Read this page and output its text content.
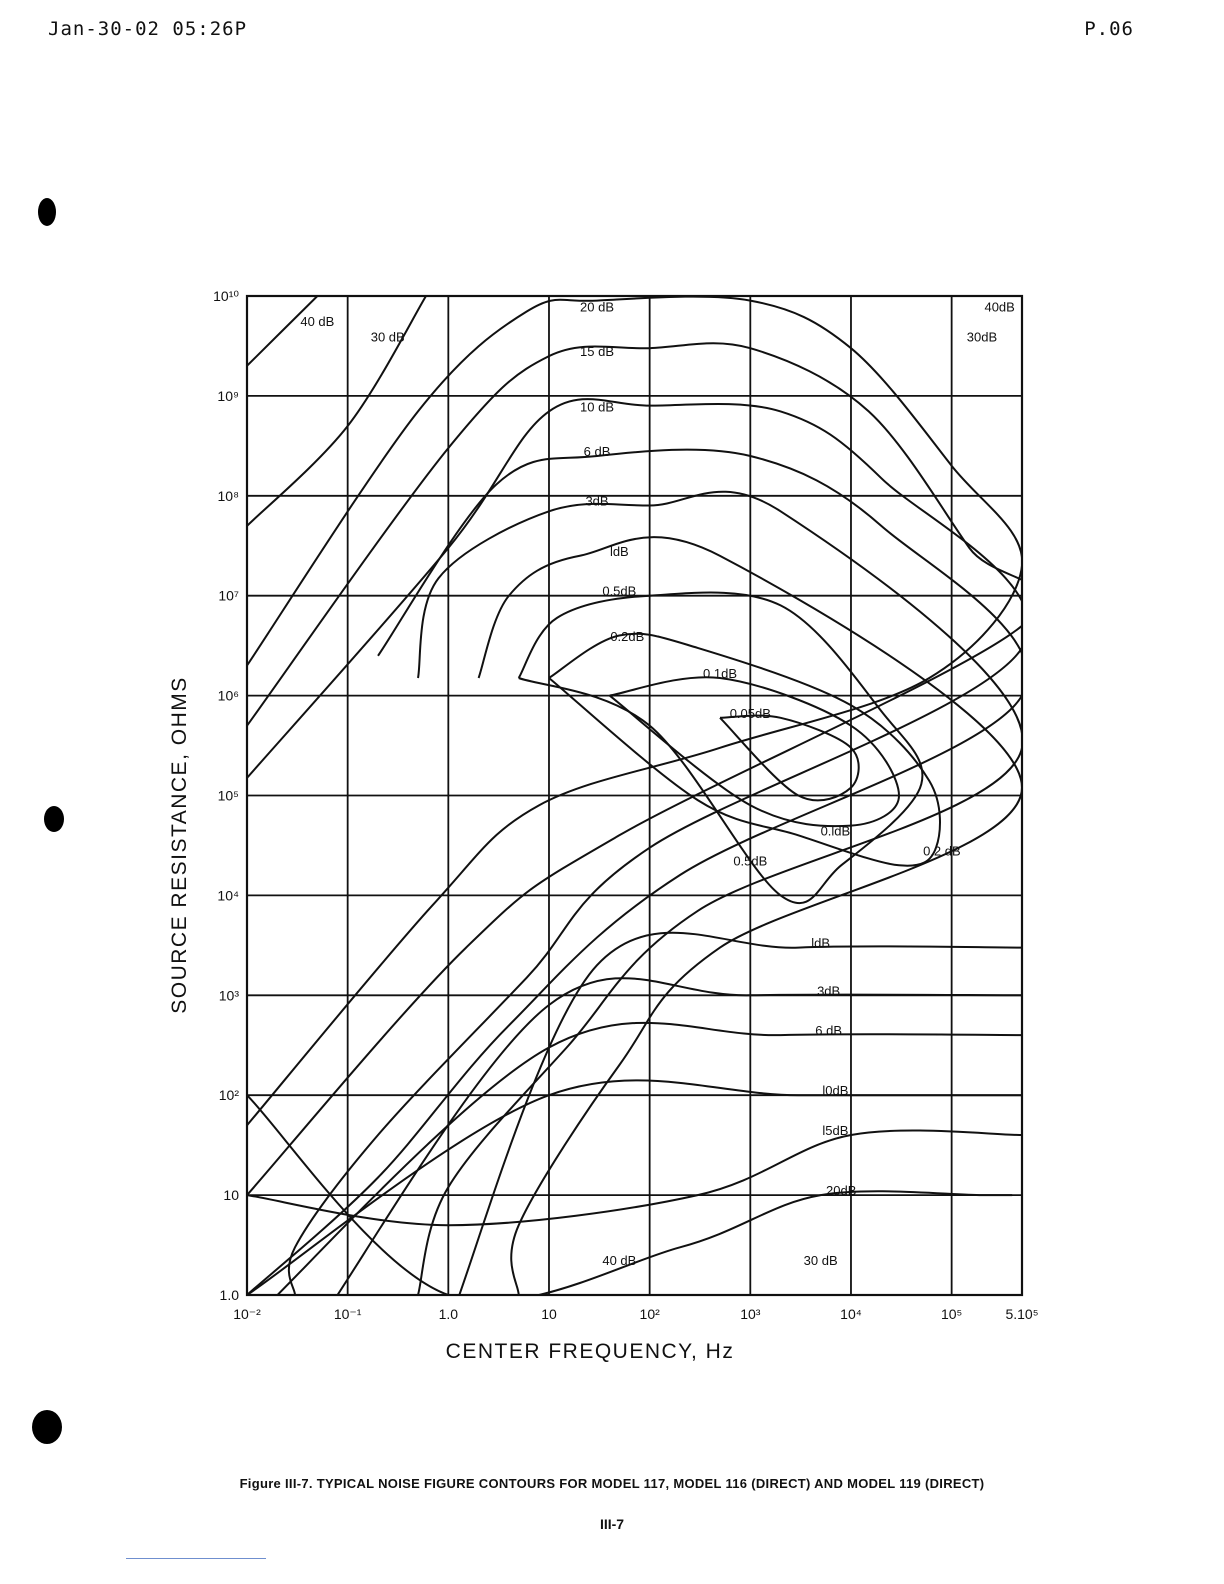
Jan-30-02 05:26P	P.06
40 dB
30 dB
20 dB
15 dB
10 dB
6 dB
3dB
ldB
0.5dB
0.2dB
0.1dB
0.05dB
0.ldB
0.2 dB
0.5dB
ldB
3dB
6 dB
l0dB
l5dB
20dB
40 dB	30 dB
40dB
30dB
10⁻²	10⁻¹	1.0	10	10²	10³	10⁴	10⁵	5.10⁵
10¹⁰
10⁹
10⁸
10⁷
10⁶
10⁵
10⁴
10³
10²
10
1.0
CENTER FREQUENCY, Hz
SOURCE RESISTANCE, OHMS
Figure III-7. TYPICAL NOISE FIGURE CONTOURS FOR MODEL 117, MODEL 116 (DIRECT) AND MODEL 119 (DIRECT)
III-7
